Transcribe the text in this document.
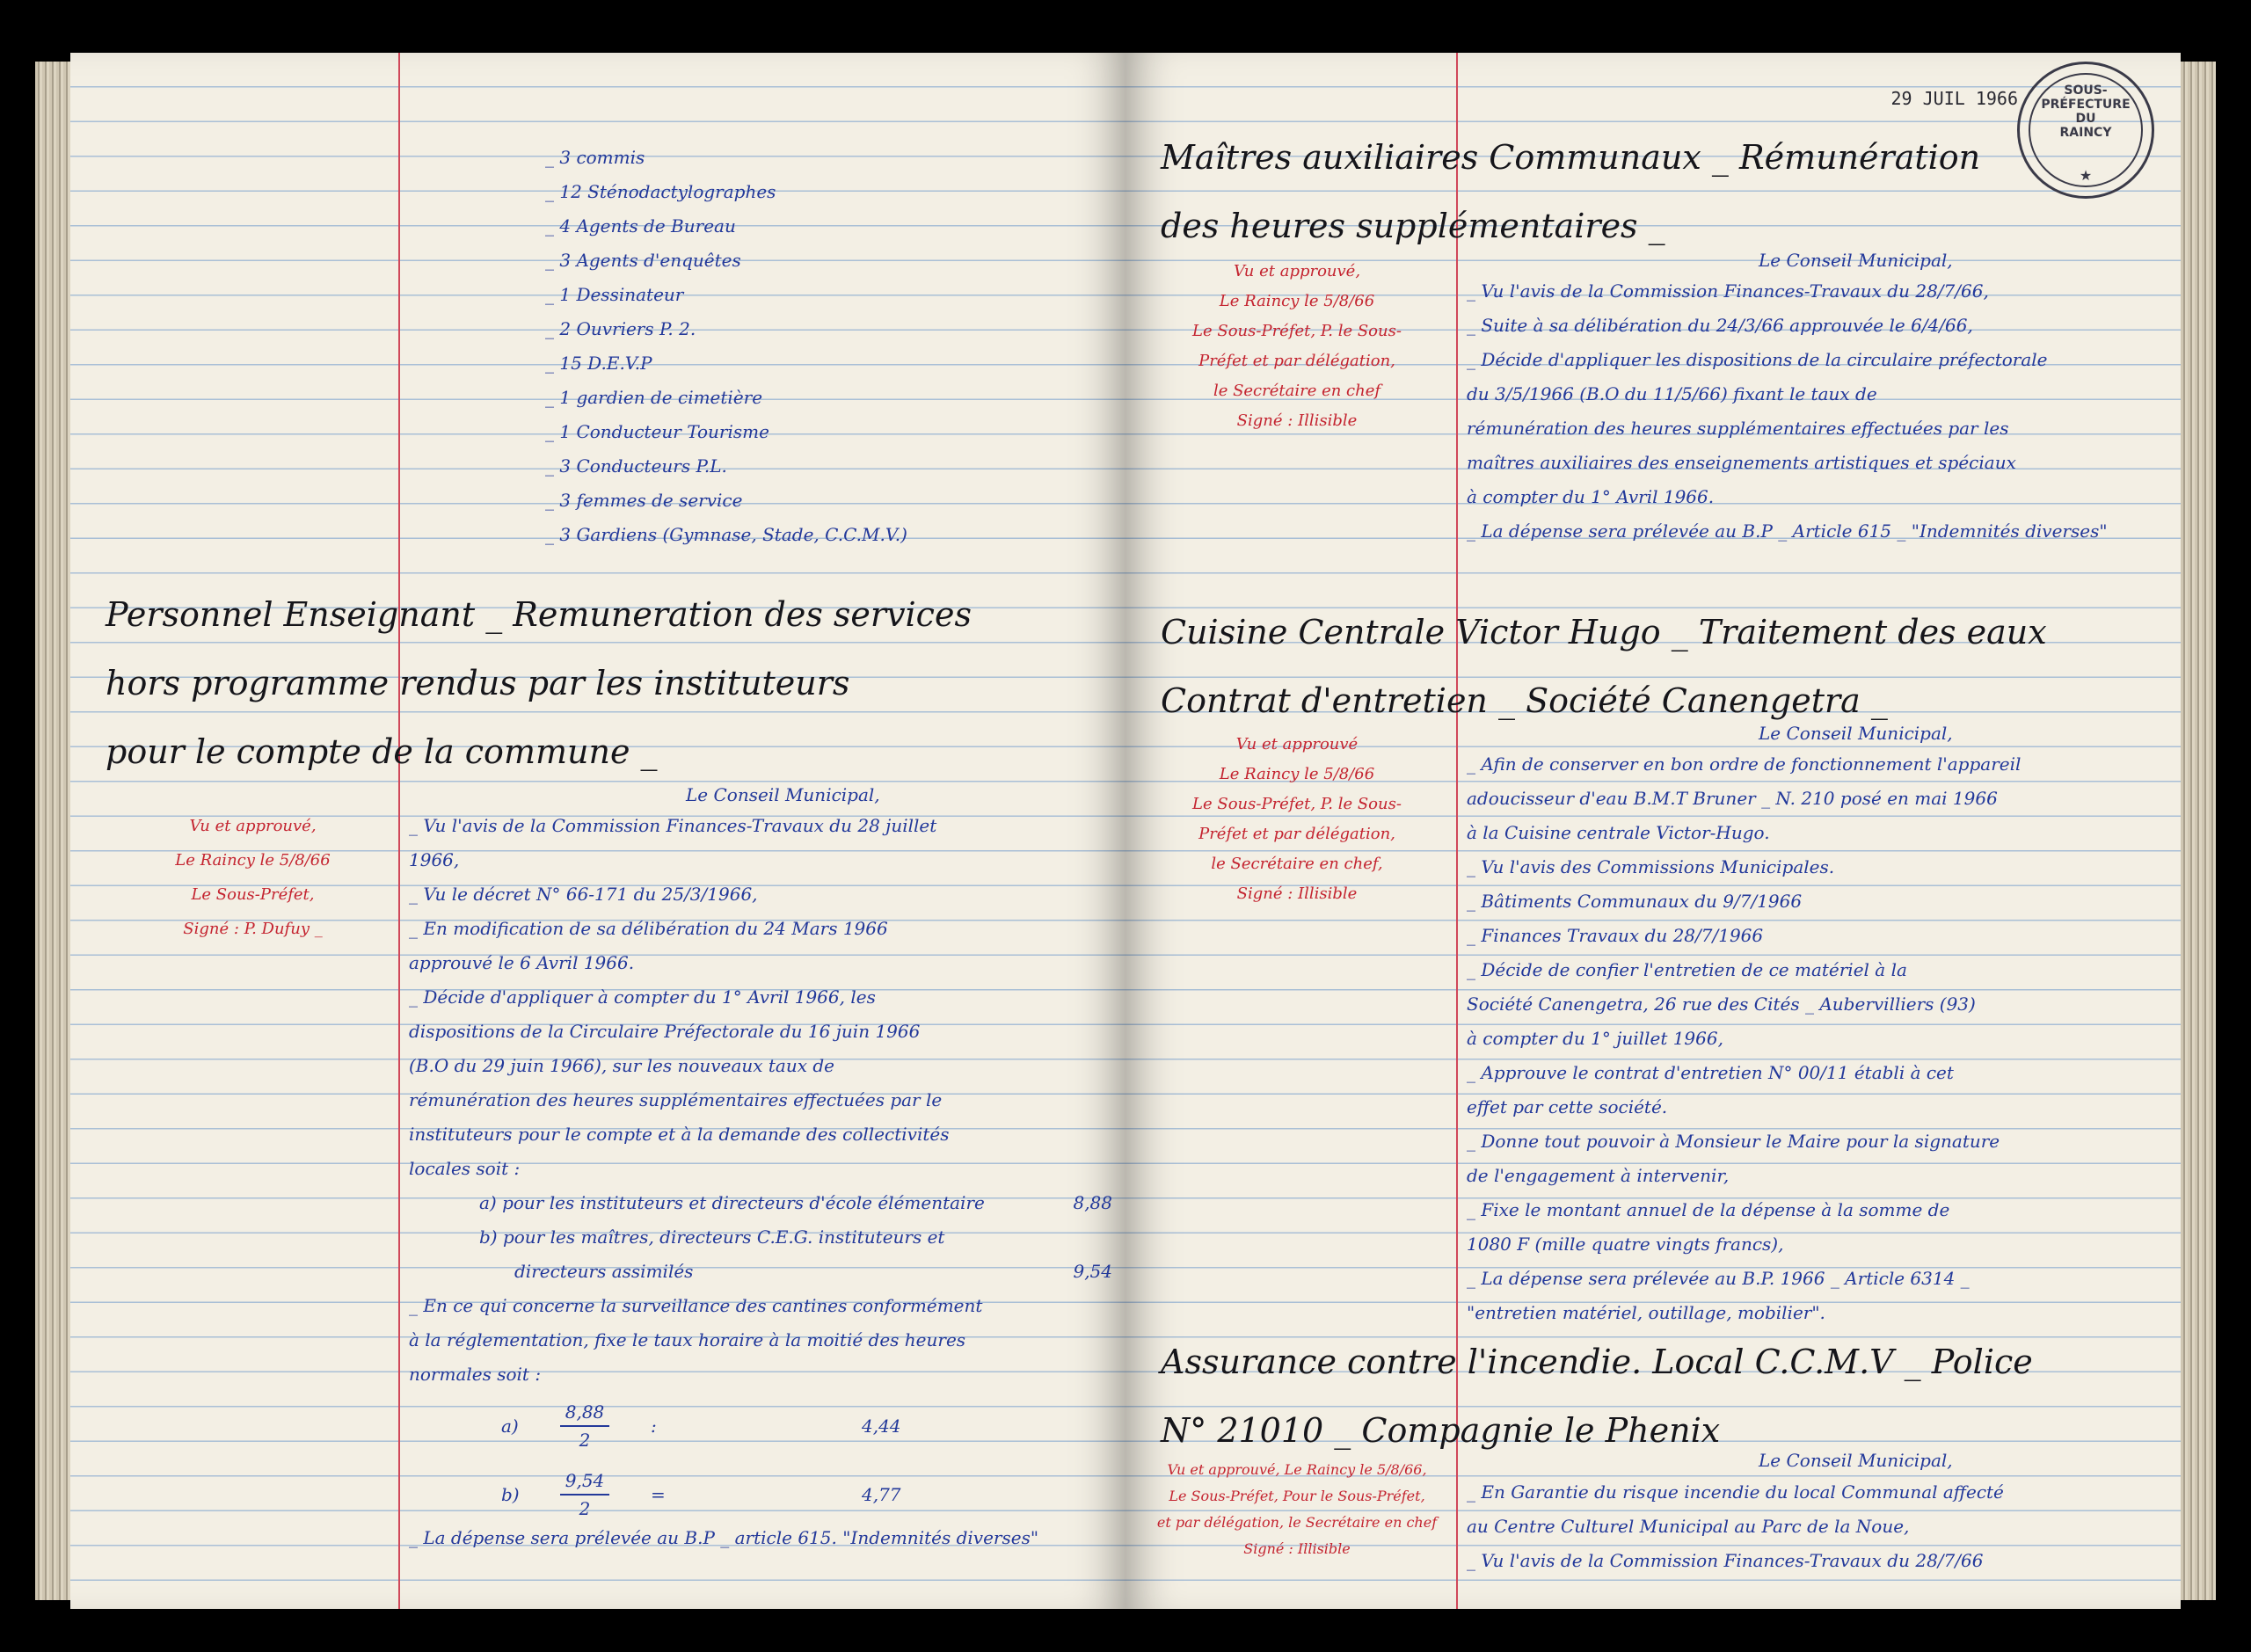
_ 3 commis
_ 12 Sténodactylographes
_ 4 Agents de Bureau
_ 3 Agents d'enquêtes
_ 1 Dessinateur
_ 2 Ouvriers P. 2.
_ 15 D.E.V.P
_ 1 gardien de cimetière
_ 1 Conducteur Tourisme
_ 3 Conducteurs P.L.
_ 3 femmes de service
_ 3 Gardiens (Gymnase, Stade, C.C.M.V.)
Personnel Enseignant _ Remuneration des services
hors programme rendus par les instituteurs
pour le compte de la commune _
Le Conseil Municipal,
Vu et approuvé,
Le Raincy le 5/8/66
Le Sous-Préfet,
Signé : P. Dufuy _
_ Vu l'avis de la Commission Finances-Travaux du 28 juillet
1966,
_ Vu le décret N° 66-171 du 25/3/1966,
_ En modification de sa délibération du 24 Mars 1966
approuvé le 6 Avril 1966.
_ Décide d'appliquer à compter du 1° Avril 1966, les
dispositions de la Circulaire Préfectorale du 16 juin 1966
(B.O du 29 juin 1966), sur les nouveaux taux de
rémunération des heures supplémentaires effectuées par le
instituteurs pour le compte et à la demande des collectivités
locales soit :
a) pour les instituteurs et directeurs d'école élémentaire	8,88
b) pour les maîtres, directeurs C.E.G. instituteurs et
directeurs assimilés	9,54
_ En ce qui concerne la surveillance des cantines conformément
à la réglementation, fixe le taux horaire à la moitié des heures
normales soit :
a)	$\frac{8,88}{2}$	:	4,44
b)	$\frac{9,54}{2}$	=	4,77
_ La dépense sera prélevée au B.P _ article 615. "Indemnités diverses"
29 JUIL 1966	SOUS-PRÉFECTURE
DU
RAINCY
★
Maîtres auxiliaires Communaux _ Rémunération
des heures supplémentaires _
Le Conseil Municipal,
Vu et approuvé,
Le Raincy le 5/8/66
Le Sous-Préfet, P. le Sous-
Préfet et par délégation,
le Secrétaire en chef
Signé : Illisible
_ Vu l'avis de la Commission Finances-Travaux du 28/7/66,
_ Suite à sa délibération du 24/3/66 approuvée le 6/4/66,
_ Décide d'appliquer les dispositions de la circulaire préfectorale
du 3/5/1966 (B.O du 11/5/66) fixant le taux de
rémunération des heures supplémentaires effectuées par les
maîtres auxiliaires des enseignements artistiques et spéciaux
à compter du 1° Avril 1966.
_ La dépense sera prélevée au B.P _ Article 615 _ "Indemnités diverses"
Cuisine Centrale Victor Hugo _ Traitement des eaux
Contrat d'entretien _ Société Canengetra _
Le Conseil Municipal,
Vu et approuvé
Le Raincy le 5/8/66
Le Sous-Préfet, P. le Sous-
Préfet et par délégation,
le Secrétaire en chef,
Signé : Illisible
_ Afin de conserver en bon ordre de fonctionnement l'appareil
adoucisseur d'eau B.M.T Bruner _ N. 210 posé en mai 1966
à la Cuisine centrale Victor-Hugo.
_ Vu l'avis des Commissions Municipales.
_ Bâtiments Communaux du 9/7/1966
_ Finances Travaux du 28/7/1966
_ Décide de confier l'entretien de ce matériel à la
Société Canengetra, 26 rue des Cités _ Aubervilliers (93)
à compter du 1° juillet 1966,
_ Approuve le contrat d'entretien N° 00/11 établi à cet
effet par cette société.
_ Donne tout pouvoir à Monsieur le Maire pour la signature
de l'engagement à intervenir,
_ Fixe le montant annuel de la dépense à la somme de
1080 F (mille quatre vingts francs),
_ La dépense sera prélevée au B.P. 1966 _ Article 6314 _
"entretien matériel, outillage, mobilier".
Assurance contre l'incendie. Local C.C.M.V _ Police
N° 21010 _ Compagnie le Phenix
Le Conseil Municipal,
Vu et approuvé, Le Raincy le 5/8/66,
Le Sous-Préfet, Pour le Sous-Préfet,
et par délégation, le Secrétaire en chef
Signé : Illisible
_ En Garantie du risque incendie du local Communal affecté
au Centre Culturel Municipal au Parc de la Noue,
_ Vu l'avis de la Commission Finances-Travaux du 28/7/66
